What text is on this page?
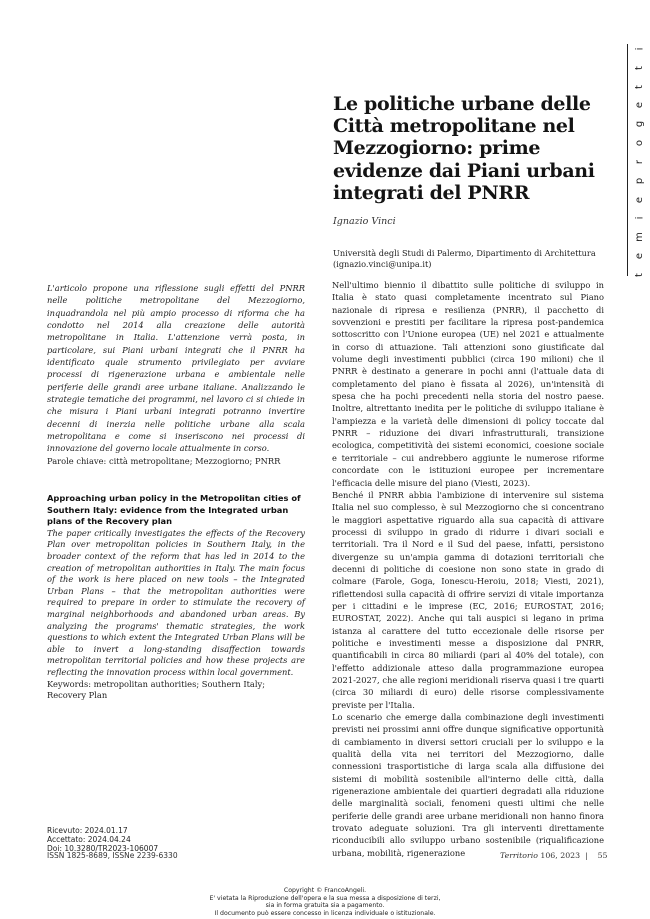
i
t
t
e
g
o
r
p
e
i
m
e
t
Le politiche urbane delle Città metropolitane nel Mezzogiorno: prime evidenze dai Piani urbani integrati del PNRR
Ignazio Vinci
Università degli Studi di Palermo, Dipartimento di Architettura
(ignazio.vinci@unipa.it)
L'articolo propone una riflessione sugli effetti del PNRR nelle politiche metropolitane del Mezzogiorno, inquadrandola nel più ampio processo di riforma che ha condotto nel 2014 alla creazione delle autorità metropolitane in Italia. L'attenzione verrà posta, in particolare, sui Piani urbani integrati che il PNRR ha identificato quale strumento privilegiato per avviare processi di rigenerazione urbana e ambientale nelle periferie delle grandi aree urbane italiane. Analizzando le strategie tematiche dei programmi, nel lavoro ci si chiede in che misura i Piani urbani integrati potranno invertire decenni di inerzia nelle politiche urbane alla scala metropolitana e come si inseriscono nei processi di innovazione del governo locale attualmente in corso.
Parole chiave: città metropolitane; Mezzogiorno; PNRR
Approaching urban policy in the Metropolitan cities of Southern Italy: evidence from the Integrated urban plans of the Recovery plan
The paper critically investigates the effects of the Recovery Plan over metropolitan policies in Southern Italy, in the broader context of the reform that has led in 2014 to the creation of metropolitan authorities in Italy. The main focus of the work is here placed on new tools – the Integrated Urban Plans – that the metropolitan authorities were required to prepare in order to stimulate the recovery of marginal neighborhoods and abandoned urban areas. By analyzing the programs' thematic strategies, the work questions to which extent the Integrated Urban Plans will be able to invert a long-standing disaffection towards metropolitan territorial policies and how these projects are reflecting the innovation process within local government.
Keywords: metropolitan authorities; Southern Italy; Recovery Plan
Ricevuto: 2024.01.17
Accettato: 2024.04.24
Doi: 10.3280/TR2023-106007

Nell'ultimo biennio il dibattito sulle politiche di sviluppo in Italia è stato quasi completamente incentrato sul Piano nazionale di ripresa e resilienza (PNRR), il pacchetto di sovvenzioni e prestiti per facilitare la ripresa post-pandemica sottoscritto con l'Unione europea (UE) nel 2021 e attualmente in corso di attuazione. Tali attenzioni sono giustificate dal volume degli investimenti pubblici (circa 190 milioni) che il PNRR è destinato a generare in pochi anni (l'attuale data di completamento del piano è fissata al 2026), un'intensità di spesa che ha pochi precedenti nella storia del nostro paese. Inoltre, altrettanto inedita per le politiche di sviluppo italiane è l'ampiezza e la varietà delle dimensioni di policy toccate dal PNRR – riduzione dei divari infrastrutturali, transizione ecologica, competitività dei sistemi economici, coesione sociale e territoriale – cui andrebbero aggiunte le numerose riforme concordate con le istituzioni europee per incrementare l'efficacia delle misure del piano (Viesti, 2023).

Benché il PNRR abbia l'ambizione di intervenire sul sistema Italia nel suo complesso, è sul Mezzogiorno che si concentrano le maggiori aspettative riguardo alla sua capacità di attivare processi di sviluppo in grado di ridurre i divari sociali e territoriali. Tra il Nord e il Sud del paese, infatti, persistono divergenze su un'ampia gamma di dotazioni territoriali che decenni di politiche di coesione non sono state in grado di colmare (Farole, Goga, Ionescu-Heroiu, 2018; Viesti, 2021), riflettendosi sulla capacità di offrire servizi di vitale importanza per i cittadini e le imprese (EC, 2016; EUROSTAT, 2016; EUROSTAT, 2022). Anche qui tali auspici si legano in prima istanza al carattere del tutto eccezionale delle risorse per politiche e investimenti messe a disposizione dal PNRR, quantificabili in circa 80 miliardi (pari al 40% del totale), con l'effetto addizionale atteso dalla programmazione europea 2021-2027, che alle regioni meridionali riserva quasi i tre quarti (circa 30 miliardi di euro) delle risorse complessivamente previste per l'Italia.

Lo scenario che emerge dalla combinazione degli investimenti previsti nei prossimi anni offre dunque significative opportunità di cambiamento in diversi settori cruciali per lo sviluppo e la qualità della vita nei territori del Mezzogiorno, dalle connessioni trasportistiche di larga scala alla diffusione dei sistemi di mobilità sostenibile all'interno delle città, dalla rigenerazione ambientale dei quartieri degradati alla riduzione delle marginalità sociali, fenomeni questi ultimi che nelle periferie delle grandi aree urbane meridionali non hanno finora trovato adeguate soluzioni. Tra gli interventi direttamente riconducibili allo sviluppo urbano sostenibile (riqualificazione urbana, mobilità, rigenerazione

ISSN 1825-8689, ISSNe 2239-6330	Territorio 106, 2023  |    55
Copyright © FrancoAngeli.
E' vietata la Riproduzione dell'opera e la sua messa a disposizione di terzi,
sia in forma gratuita sia a pagamento.
Il documento può essere concesso in licenza individuale o istituzionale.
